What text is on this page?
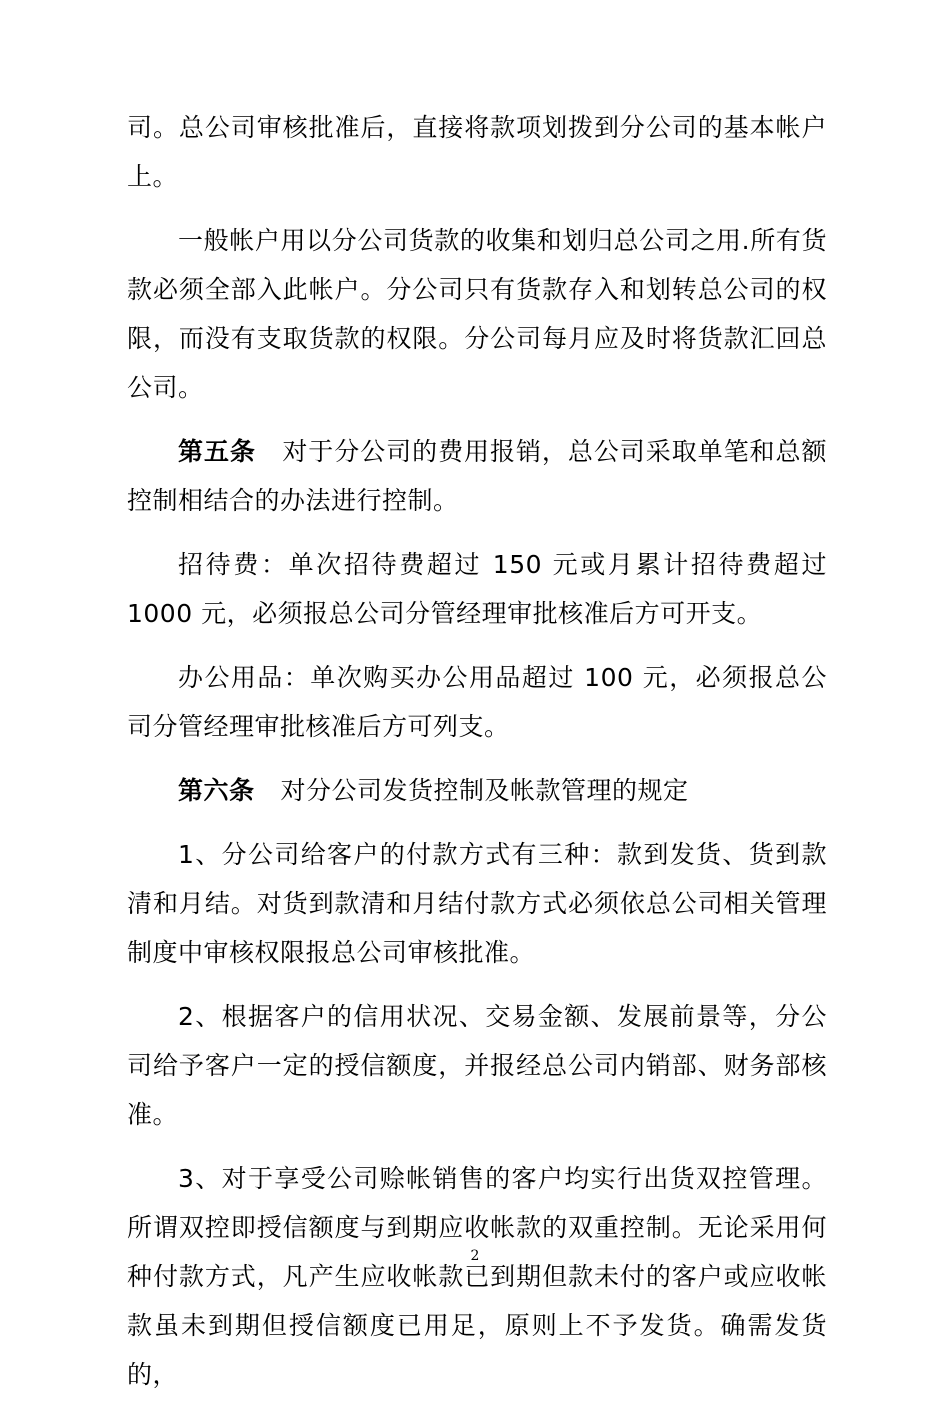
司。总公司审核批准后，直接将款项划拨到分公司的基本帐户上。

一般帐户用以分公司货款的收集和划归总公司之用.所有货款必须全部入此帐户。分公司只有货款存入和划转总公司的权限，而没有支取货款的权限。分公司每月应及时将货款汇回总公司。

第五条 对于分公司的费用报销，总公司采取单笔和总额控制相结合的办法进行控制。

招待费：单次招待费超过 150 元或月累计招待费超过 1000 元，必须报总公司分管经理审批核准后方可开支。

办公用品：单次购买办公用品超过 100 元，必须报总公司分管经理审批核准后方可列支。

第六条 对分公司发货控制及帐款管理的规定

1、分公司给客户的付款方式有三种：款到发货、货到款清和月结。对货到款清和月结付款方式必须依总公司相关管理制度中审核权限报总公司审核批准。

2、根据客户的信用状况、交易金额、发展前景等，分公司给予客户一定的授信额度，并报经总公司内销部、财务部核准。

3、对于享受公司赊帐销售的客户均实行出货双控管理。所谓双控即授信额度与到期应收帐款的双重控制。无论采用何种付款方式，凡产生应收帐款已到期但款未付的客户或应收帐款虽未到期但授信额度已用足，原则上不予发货。确需发货的，

2
